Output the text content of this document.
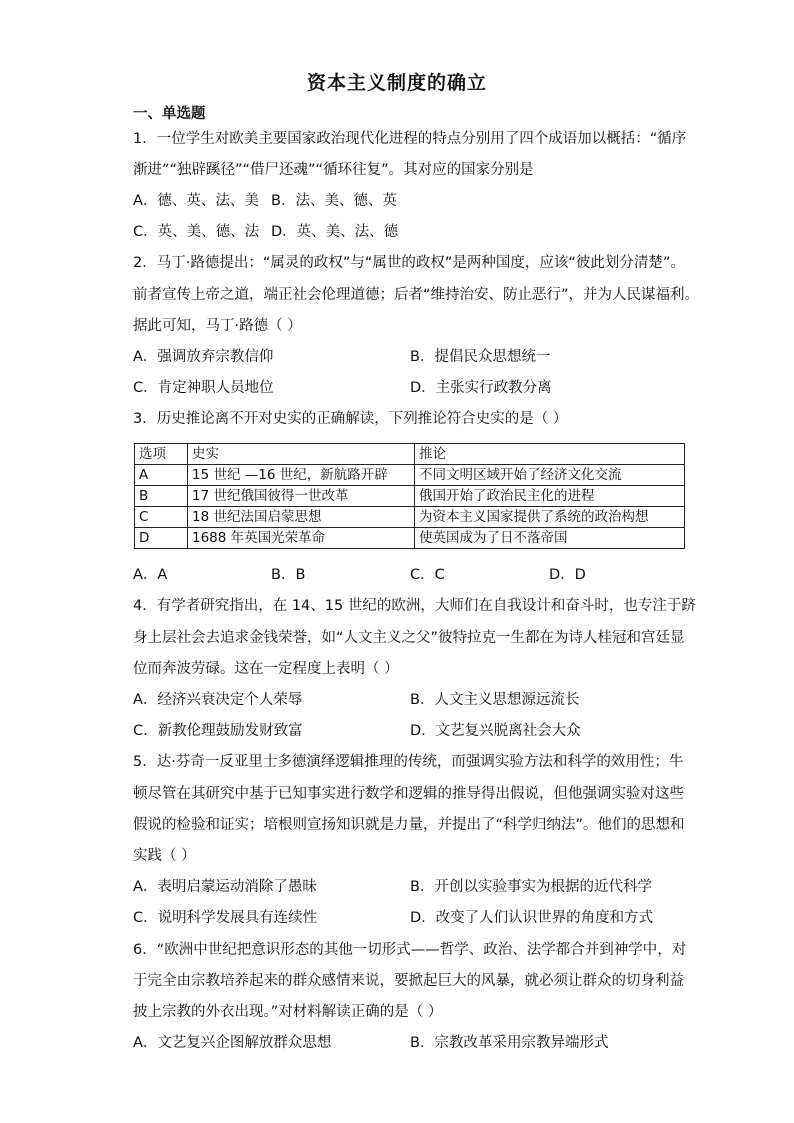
资本主义制度的确立
一、单选题
1．一位学生对欧美主要国家政治现代化进程的特点分别用了四个成语加以概括：“循序
渐进”“独辟蹊径”“借尸还魂”“循环往复”。其对应的国家分别是
A．德、英、法、美 B．法、美、德、英
C．英、美、德、法 D．英、美、法、德
2．马丁·路德提出：“属灵的政权”与“属世的政权”是两种国度，应该“彼此划分清楚”。
前者宣传上帝之道，端正社会伦理道德；后者“维持治安、防止恶行”，并为人民谋福利。
据此可知，马丁·路德（ ）
A．强调放弃宗教信仰	B．提倡民众思想统一
C．肯定神职人员地位	D．主张实行政教分离
3．历史推论离不开对史实的正确解读，下列推论符合史实的是（ ）
选项	史实	推论
A	15 世纪 —16 世纪，新航路开辟	不同文明区域开始了经济文化交流
B	17 世纪俄国彼得一世改革	俄国开始了政治民主化的进程
C	18 世纪法国启蒙思想	为资本主义国家提供了系统的政治构想
D	1688 年英国光荣革命	使英国成为了日不落帝国
A．A	B．B	C．C	D．D
4．有学者研究指出，在 14、15 世纪的欧洲，大师们在自我设计和奋斗时，也专注于跻
身上层社会去追求金钱荣誉，如“人文主义之父”彼特拉克一生都在为诗人桂冠和宫廷显
位而奔波劳碌。这在一定程度上表明（ ）
A．经济兴衰决定个人荣辱	B．人文主义思想源远流长
C．新教伦理鼓励发财致富	D．文艺复兴脱离社会大众
5．达·芬奇一反亚里士多德演绎逻辑推理的传统，而强调实验方法和科学的效用性；牛
顿尽管在其研究中基于已知事实进行数学和逻辑的推导得出假说，但他强调实验对这些
假说的检验和证实；培根则宣扬知识就是力量，并提出了“科学归纳法”。他们的思想和
实践（ ）
A．表明启蒙运动消除了愚昧	B．开创以实验事实为根据的近代科学
C．说明科学发展具有连续性	D．改变了人们认识世界的角度和方式
6．“欧洲中世纪把意识形态的其他一切形式——哲学、政治、法学都合并到神学中，对
于完全由宗教培养起来的群众感情来说，要掀起巨大的风暴，就必须让群众的切身利益
披上宗教的外衣出现。”对材料解读正确的是（ ）
A．文艺复兴企图解放群众思想	B．宗教改革采用宗教异端形式
